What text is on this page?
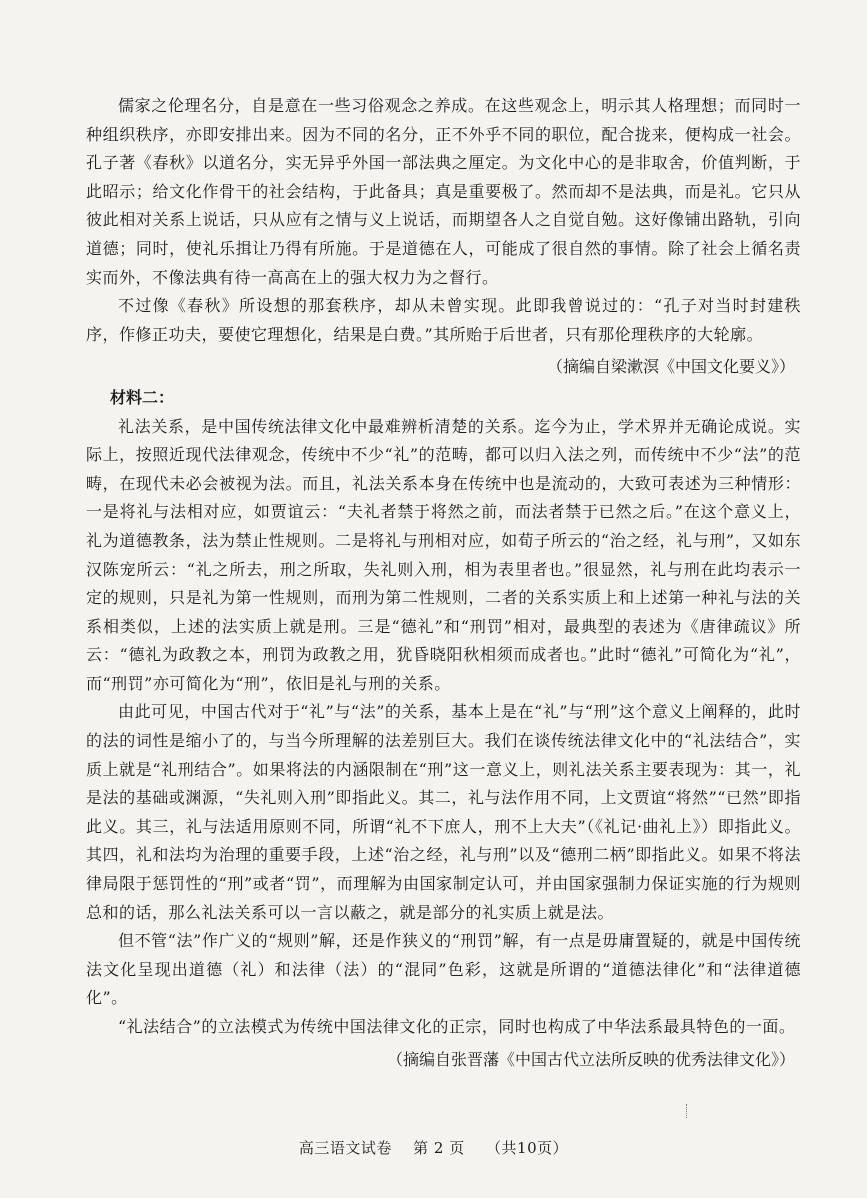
儒家之伦理名分，自是意在一些习俗观念之养成。在这些观念上，明示其人格理想；而同时一种组织秩序，亦即安排出来。因为不同的名分，正不外乎不同的职位，配合拢来，便构成一社会。孔子著《春秋》以道名分，实无异乎外国一部法典之厘定。为文化中心的是非取舍，价值判断，于此昭示；给文化作骨干的社会结构，于此备具；真是重要极了。然而却不是法典，而是礼。它只从彼此相对关系上说话，只从应有之情与义上说话，而期望各人之自觉自勉。这好像铺出路轨，引向道德；同时，使礼乐揖让乃得有所施。于是道德在人，可能成了很自然的事情。除了社会上循名责实而外，不像法典有待一高高在上的强大权力为之督行。

不过像《春秋》所设想的那套秩序，却从未曾实现。此即我曾说过的：“孔子对当时封建秩序，作修正功夫，要使它理想化，结果是白费。”其所贻于后世者，只有那伦理秩序的大轮廓。

（摘编自梁漱溟《中国文化要义》）

材料二：

礼法关系，是中国传统法律文化中最难辨析清楚的关系。迄今为止，学术界并无确论成说。实际上，按照近现代法律观念，传统中不少“礼”的范畴，都可以归入法之列，而传统中不少“法”的范畴，在现代未必会被视为法。而且，礼法关系本身在传统中也是流动的，大致可表述为三种情形：一是将礼与法相对应，如贾谊云：“夫礼者禁于将然之前，而法者禁于已然之后。”在这个意义上，礼为道德教条，法为禁止性规则。二是将礼与刑相对应，如荀子所云的“治之经，礼与刑”，又如东汉陈宠所云：“礼之所去，刑之所取，失礼则入刑，相为表里者也。”很显然，礼与刑在此均表示一定的规则，只是礼为第一性规则，而刑为第二性规则，二者的关系实质上和上述第一种礼与法的关系相类似，上述的法实质上就是刑。三是“德礼”和“刑罚”相对，最典型的表述为《唐律疏议》所云：“德礼为政教之本，刑罚为政教之用，犹昏晓阳秋相须而成者也。”此时“德礼”可简化为“礼”，而“刑罚”亦可简化为“刑”，依旧是礼与刑的关系。

由此可见，中国古代对于“礼”与“法”的关系，基本上是在“礼”与“刑”这个意义上阐释的，此时的法的词性是缩小了的，与当今所理解的法差别巨大。我们在谈传统法律文化中的“礼法结合”，实质上就是“礼刑结合”。如果将法的内涵限制在“刑”这一意义上，则礼法关系主要表现为：其一，礼是法的基础或渊源，“失礼则入刑”即指此义。其二，礼与法作用不同，上文贾谊“将然”“已然”即指此义。其三，礼与法适用原则不同，所谓“礼不下庶人，刑不上大夫”（《礼记·曲礼上》）即指此义。其四，礼和法均为治理的重要手段，上述“治之经，礼与刑”以及“德刑二柄”即指此义。如果不将法律局限于惩罚性的“刑”或者“罚”，而理解为由国家制定认可，并由国家强制力保证实施的行为规则总和的话，那么礼法关系可以一言以蔽之，就是部分的礼实质上就是法。

但不管“法”作广义的“规则”解，还是作狭义的“刑罚”解，有一点是毋庸置疑的，就是中国传统法文化呈现出道德（礼）和法律（法）的“混同”色彩，这就是所谓的“道德法律化”和“法律道德化”。

“礼法结合”的立法模式为传统中国法律文化的正宗，同时也构成了中华法系最具特色的一面。

（摘编自张晋藩《中国古代立法所反映的优秀法律文化》）

高三语文试卷 第 2 页 （共10页）
